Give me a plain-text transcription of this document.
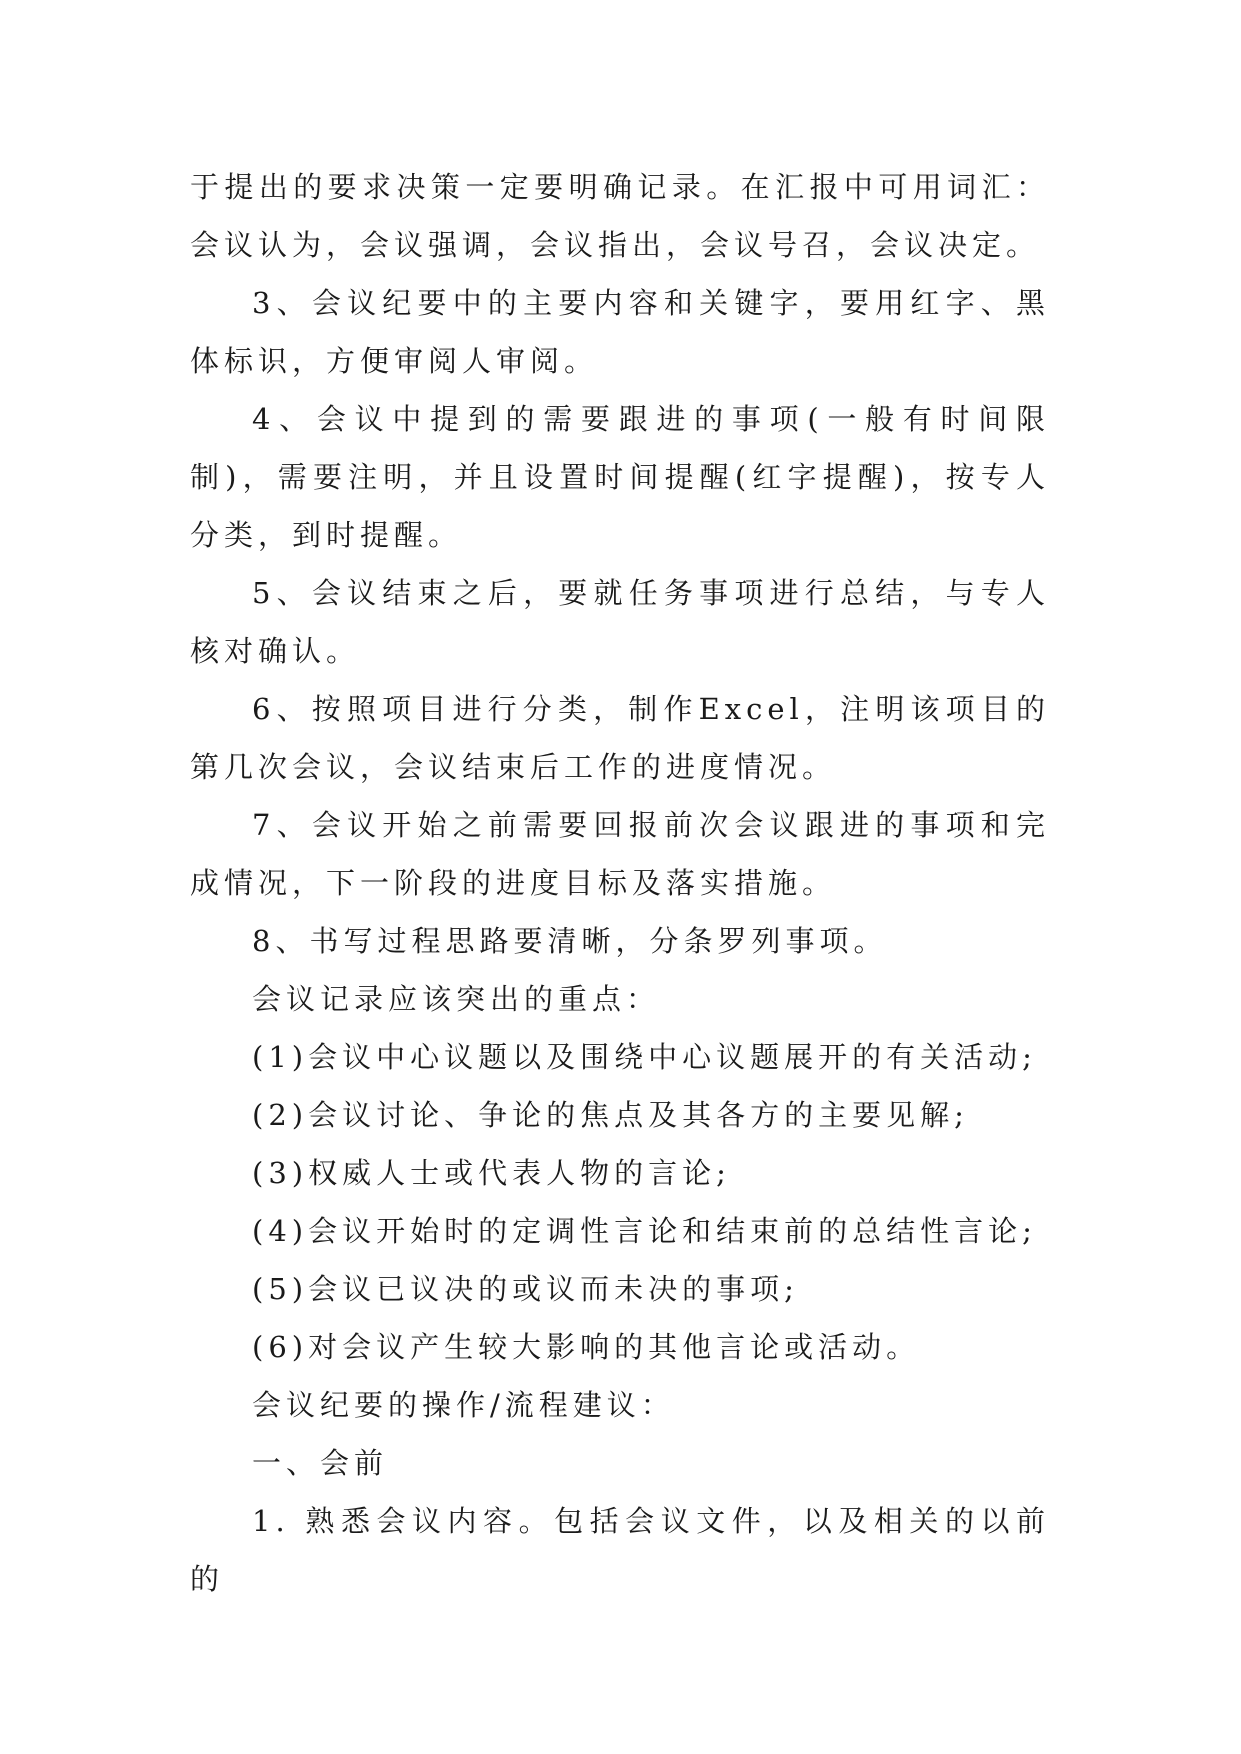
于提出的要求决策一定要明确记录。在汇报中可用词汇：会议认为，会议强调，会议指出，会议号召，会议决定。

3、会议纪要中的主要内容和关键字，要用红字、黑体标识，方便审阅人审阅。

4、会议中提到的需要跟进的事项(一般有时间限制)，需要注明，并且设置时间提醒(红字提醒)，按专人分类，到时提醒。

5、会议结束之后，要就任务事项进行总结，与专人核对确认。

6、按照项目进行分类，制作Excel，注明该项目的第几次会议，会议结束后工作的进度情况。

7、会议开始之前需要回报前次会议跟进的事项和完成情况，下一阶段的进度目标及落实措施。

8、书写过程思路要清晰，分条罗列事项。

会议记录应该突出的重点：

(1)会议中心议题以及围绕中心议题展开的有关活动;

(2)会议讨论、争论的焦点及其各方的主要见解;

(3)权威人士或代表人物的言论;

(4)会议开始时的定调性言论和结束前的总结性言论;

(5)会议已议决的或议而未决的事项;

(6)对会议产生较大影响的其他言论或活动。

会议纪要的操作/流程建议：

一、会前

1. 熟悉会议内容。包括会议文件，以及相关的以前的
